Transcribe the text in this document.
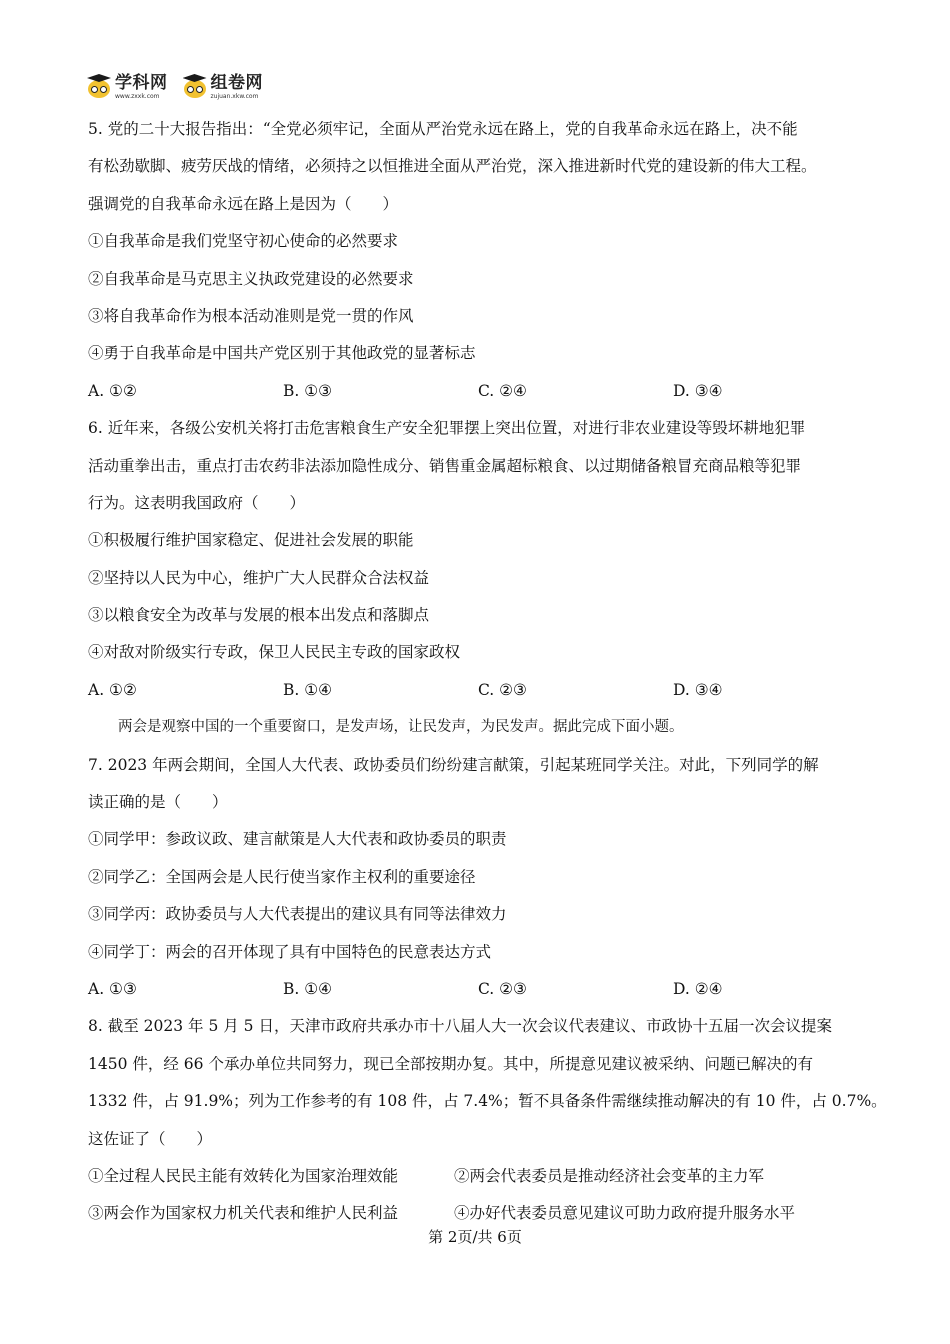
学科网
www.zxxk.com
组卷网
zujuan.xkw.com
5. 党的二十大报告指出：“全党必须牢记，全面从严治党永远在路上，党的自我革命永远在路上，决不能
有松劲歇脚、疲劳厌战的情绪，必须持之以恒推进全面从严治党，深入推进新时代党的建设新的伟大工程。
强调党的自我革命永远在路上是因为（　　）
①自我革命是我们党坚守初心使命的必然要求
②自我革命是马克思主义执政党建设的必然要求
③将自我革命作为根本活动准则是党一贯的作风
④勇于自我革命是中国共产党区别于其他政党的显著标志
A. ①②	B. ①③	C. ②④	D. ③④
6. 近年来，各级公安机关将打击危害粮食生产安全犯罪摆上突出位置，对进行非农业建设等毁坏耕地犯罪
活动重拳出击，重点打击农药非法添加隐性成分、销售重金属超标粮食、以过期储备粮冒充商品粮等犯罪
行为。这表明我国政府（　　）
①积极履行维护国家稳定、促进社会发展的职能
②坚持以人民为中心，维护广大人民群众合法权益
③以粮食安全为改革与发展的根本出发点和落脚点
④对敌对阶级实行专政，保卫人民民主专政的国家政权
A. ①②	B. ①④	C. ②③	D. ③④
两会是观察中国的一个重要窗口，是发声场，让民发声，为民发声。据此完成下面小题。
7. 2023 年两会期间，全国人大代表、政协委员们纷纷建言献策，引起某班同学关注。对此，下列同学的解
读正确的是（　　）
①同学甲：参政议政、建言献策是人大代表和政协委员的职责
②同学乙：全国两会是人民行使当家作主权利的重要途径
③同学丙：政协委员与人大代表提出的建议具有同等法律效力
④同学丁：两会的召开体现了具有中国特色的民意表达方式
A. ①③	B. ①④	C. ②③	D. ②④
8. 截至 2023 年 5 月 5 日，天津市政府共承办市十八届人大一次会议代表建议、市政协十五届一次会议提案
1450 件，经 66 个承办单位共同努力，现已全部按期办复。其中，所提意见建议被采纳、问题已解决的有
1332 件，占 91.9%；列为工作参考的有 108 件，占 7.4%；暂不具备条件需继续推动解决的有 10 件，占 0.7%。
这佐证了（　　）
①全过程人民民主能有效转化为国家治理效能	②两会代表委员是推动经济社会变革的主力军
③两会作为国家权力机关代表和维护人民利益	④办好代表委员意见建议可助力政府提升服务水平
第 2页/共 6页
